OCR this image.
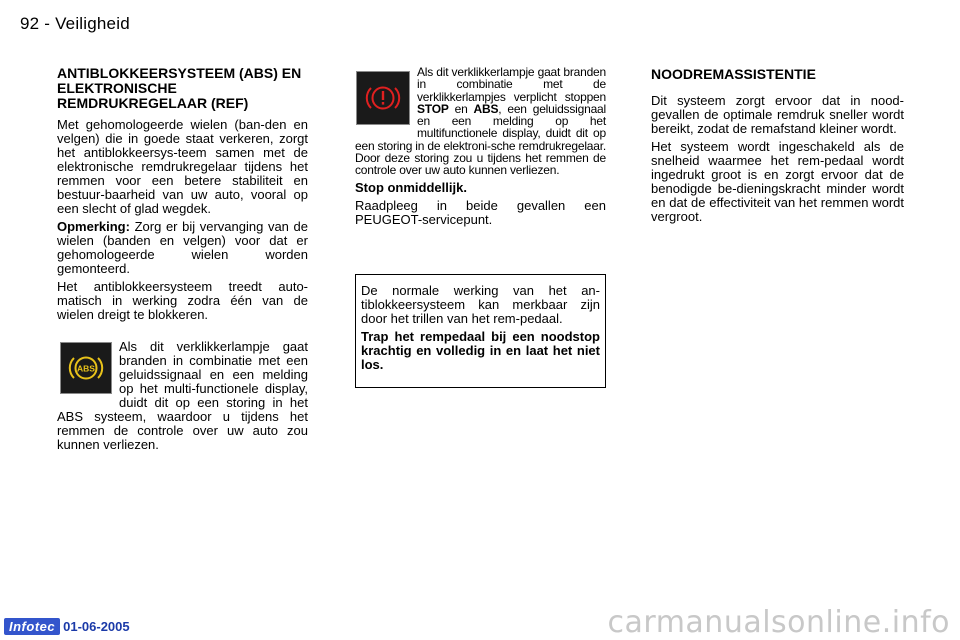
92 - Veiligheid
ANTIBLOKKEERSYSTEEM (ABS) EN ELEKTRONISCHE REMDRUKREGELAAR (REF)

Met gehomologeerde wielen (ban-den en velgen) die in goede staat verkeren, zorgt het antiblokkeersys-teem samen met de elektronische remdrukregelaar tijdens het remmen voor een betere stabiliteit en bestuur-baarheid van uw auto, vooral op een slecht of glad wegdek.

Opmerking: Zorg er bij vervanging van de wielen (banden en velgen) voor dat er gehomologeerde wielen worden gemonteerd.

Het antiblokkeersysteem treedt auto-matisch in werking zodra één van de wielen dreigt te blokkeren.

ABS

Als dit verklikkerlampje gaat branden in combinatie met een geluidssignaal en een melding op het multi-functionele display, duidt dit op een storing in het ABS systeem, waardoor u tijdens het remmen de controle over uw auto zou kunnen verliezen.

Als dit verklikkerlampje gaat branden in combinatie met de verklikkerlampjes verplicht stoppen STOP en ABS, een geluidssignaal en een melding op het multifunctionele display, duidt dit op een storing in de elektroni-sche remdrukregelaar. Door deze storing zou u tijdens het remmen de controle over uw auto kunnen verliezen.

Stop onmiddellijk.

Raadpleeg in beide gevallen een PEUGEOT-servicepunt.

De normale werking van het an-tiblokkeersysteem kan merkbaar zijn door het trillen van het rem-pedaal.

Trap het rempedaal bij een noodstop krachtig en volledig in en laat het niet los.

NOODREMASSISTENTIE

Dit systeem zorgt ervoor dat in nood-gevallen de optimale remdruk sneller wordt bereikt, zodat de remafstand kleiner wordt.

Het systeem wordt ingeschakeld als de snelheid waarmee het rem-pedaal wordt ingedrukt groot is en zorgt ervoor dat de benodigde be-dieningskracht minder wordt en dat de effectiviteit van het remmen wordt vergroot.

Infotec 01-06-2005	carmanualsonline.info
